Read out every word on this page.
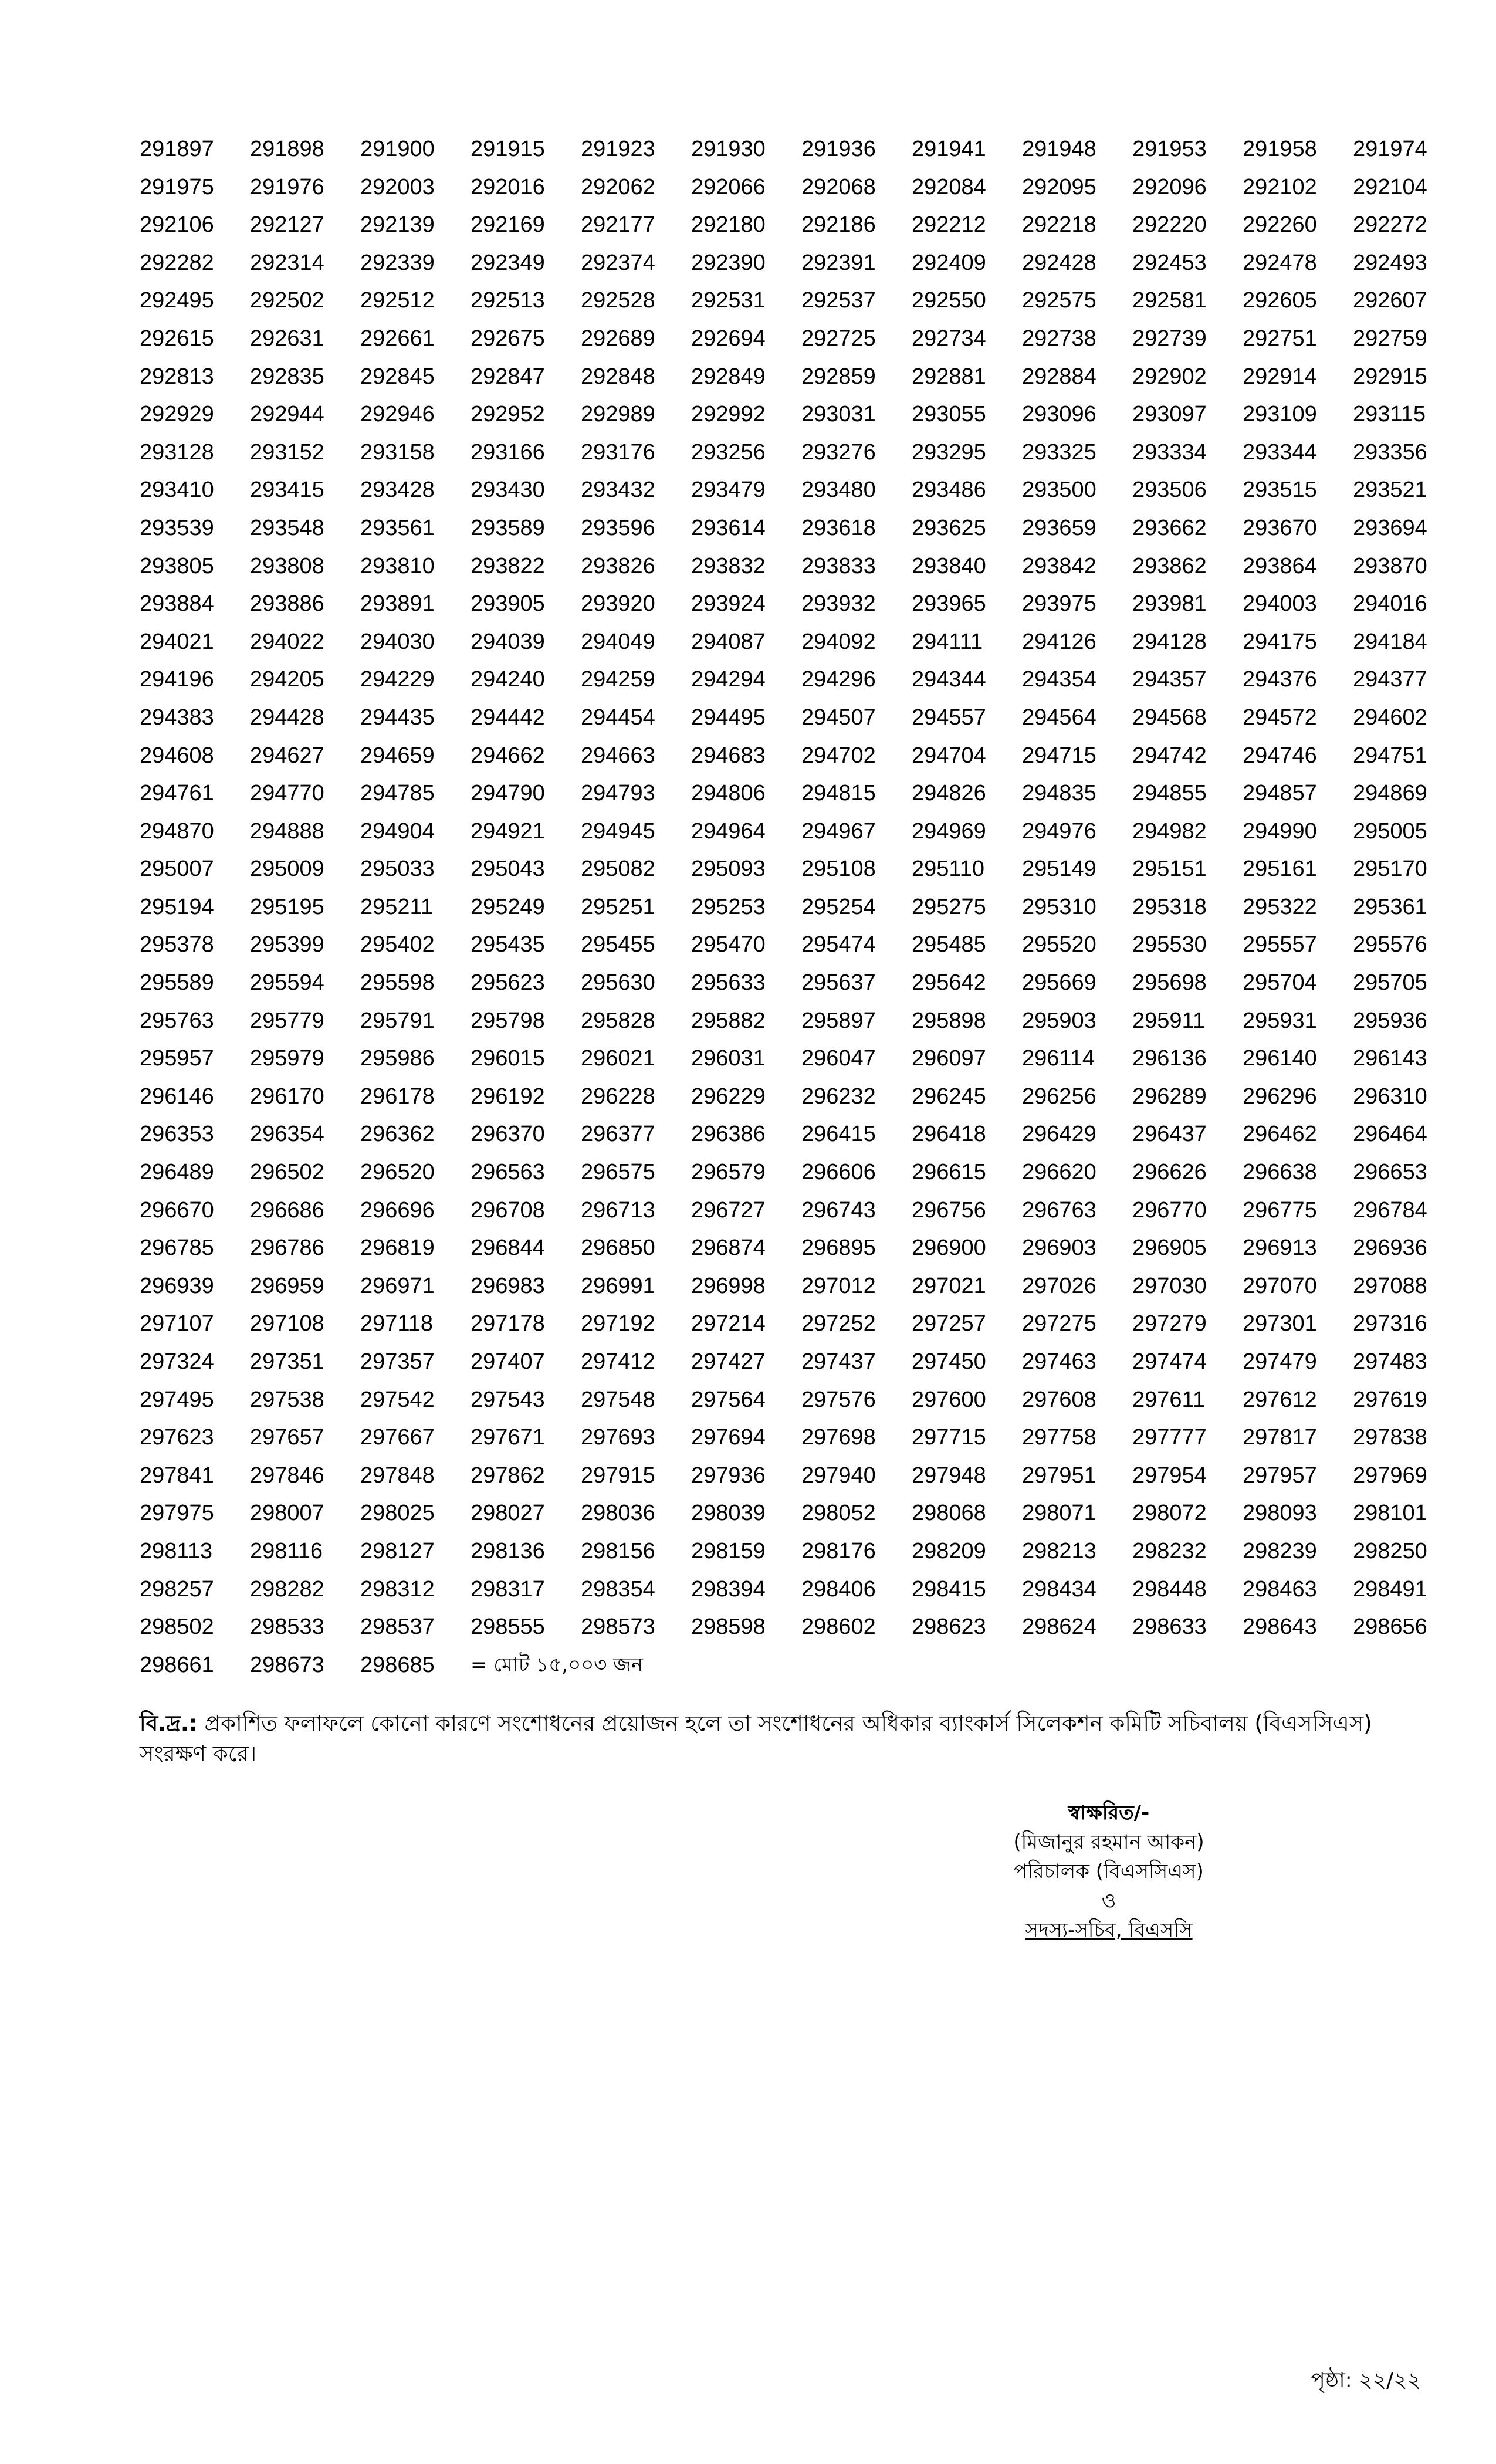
291897	291898	291900	291915	291923	291930	291936	291941	291948	291953	291958	291974
291975	291976	292003	292016	292062	292066	292068	292084	292095	292096	292102	292104
292106	292127	292139	292169	292177	292180	292186	292212	292218	292220	292260	292272
292282	292314	292339	292349	292374	292390	292391	292409	292428	292453	292478	292493
292495	292502	292512	292513	292528	292531	292537	292550	292575	292581	292605	292607
292615	292631	292661	292675	292689	292694	292725	292734	292738	292739	292751	292759
292813	292835	292845	292847	292848	292849	292859	292881	292884	292902	292914	292915
292929	292944	292946	292952	292989	292992	293031	293055	293096	293097	293109	293115
293128	293152	293158	293166	293176	293256	293276	293295	293325	293334	293344	293356
293410	293415	293428	293430	293432	293479	293480	293486	293500	293506	293515	293521
293539	293548	293561	293589	293596	293614	293618	293625	293659	293662	293670	293694
293805	293808	293810	293822	293826	293832	293833	293840	293842	293862	293864	293870
293884	293886	293891	293905	293920	293924	293932	293965	293975	293981	294003	294016
294021	294022	294030	294039	294049	294087	294092	294111	294126	294128	294175	294184
294196	294205	294229	294240	294259	294294	294296	294344	294354	294357	294376	294377
294383	294428	294435	294442	294454	294495	294507	294557	294564	294568	294572	294602
294608	294627	294659	294662	294663	294683	294702	294704	294715	294742	294746	294751
294761	294770	294785	294790	294793	294806	294815	294826	294835	294855	294857	294869
294870	294888	294904	294921	294945	294964	294967	294969	294976	294982	294990	295005
295007	295009	295033	295043	295082	295093	295108	295110	295149	295151	295161	295170
295194	295195	295211	295249	295251	295253	295254	295275	295310	295318	295322	295361
295378	295399	295402	295435	295455	295470	295474	295485	295520	295530	295557	295576
295589	295594	295598	295623	295630	295633	295637	295642	295669	295698	295704	295705
295763	295779	295791	295798	295828	295882	295897	295898	295903	295911	295931	295936
295957	295979	295986	296015	296021	296031	296047	296097	296114	296136	296140	296143
296146	296170	296178	296192	296228	296229	296232	296245	296256	296289	296296	296310
296353	296354	296362	296370	296377	296386	296415	296418	296429	296437	296462	296464
296489	296502	296520	296563	296575	296579	296606	296615	296620	296626	296638	296653
296670	296686	296696	296708	296713	296727	296743	296756	296763	296770	296775	296784
296785	296786	296819	296844	296850	296874	296895	296900	296903	296905	296913	296936
296939	296959	296971	296983	296991	296998	297012	297021	297026	297030	297070	297088
297107	297108	297118	297178	297192	297214	297252	297257	297275	297279	297301	297316
297324	297351	297357	297407	297412	297427	297437	297450	297463	297474	297479	297483
297495	297538	297542	297543	297548	297564	297576	297600	297608	297611	297612	297619
297623	297657	297667	297671	297693	297694	297698	297715	297758	297777	297817	297838
297841	297846	297848	297862	297915	297936	297940	297948	297951	297954	297957	297969
297975	298007	298025	298027	298036	298039	298052	298068	298071	298072	298093	298101
298113	298116	298127	298136	298156	298159	298176	298209	298213	298232	298239	298250
298257	298282	298312	298317	298354	298394	298406	298415	298434	298448	298463	298491
298502	298533	298537	298555	298573	298598	298602	298623	298624	298633	298643	298656
298661	298673	298685	= মোট ১৫,০০৩ জন								
বি.দ্র.: প্রকাশিত ফলাফলে কোনো কারণে সংশোধনের প্রয়োজন হলে তা সংশোধনের অধিকার ব্যাংকার্স সিলেকশন কমিটি সচিবালয় (বিএসসিএস) সংরক্ষণ করে।
স্বাক্ষরিত/-
(মিজানুর রহমান আকন)
পরিচালক (বিএসসিএস)
ও
সদস্য-সচিব, বিএসসি
পৃষ্ঠা: ২২/২২
